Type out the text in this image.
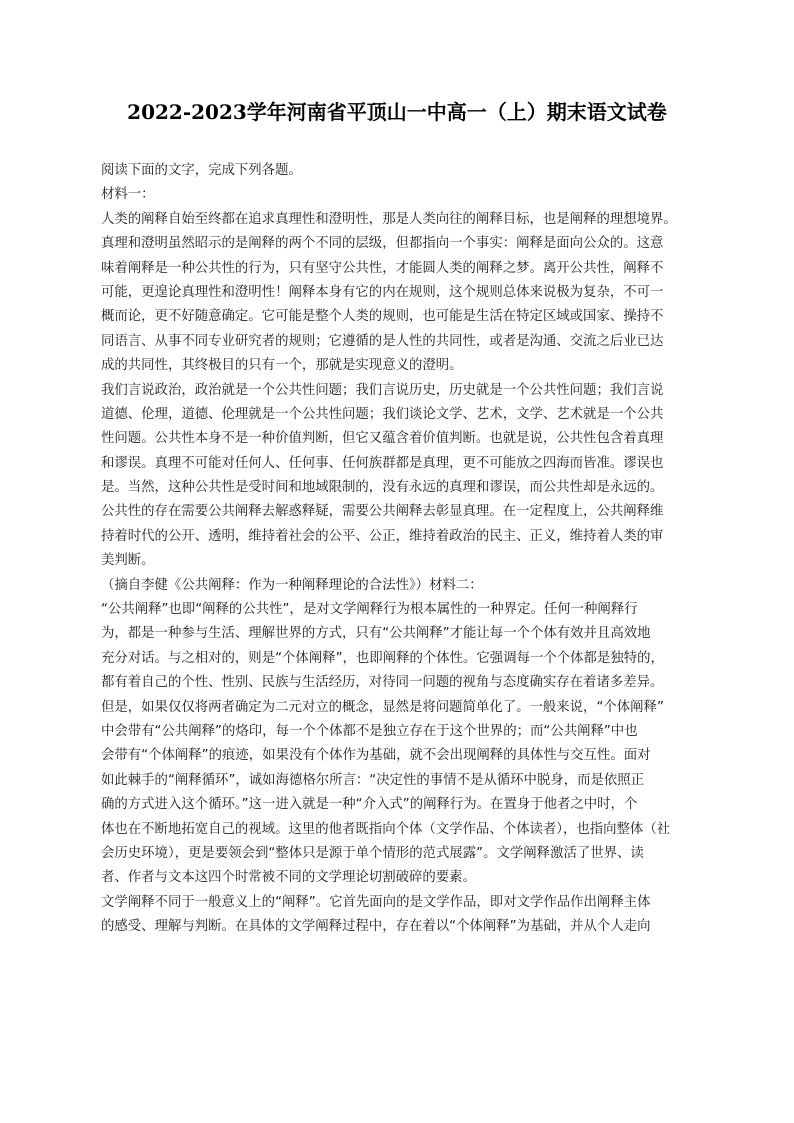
2022-2023学年河南省平顶山一中高一（上）期末语文试卷
阅读下面的文字，完成下列各题。
材料一：
人类的阐释自始至终都在追求真理性和澄明性，那是人类向往的阐释目标，也是阐释的理想境界。
真理和澄明虽然昭示的是阐释的两个不同的层级，但都指向一个事实：阐释是面向公众的。这意
味着阐释是一种公共性的行为，只有坚守公共性，才能圆人类的阐释之梦。离开公共性，阐释不
可能，更遑论真理性和澄明性！阐释本身有它的内在规则，这个规则总体来说极为复杂，不可一
概而论，更不好随意确定。它可能是整个人类的规则，也可能是生活在特定区域或国家、操持不
同语言、从事不同专业研究者的规则；它遵循的是人性的共同性，或者是沟通、交流之后业已达
成的共同性，其终极目的只有一个，那就是实现意义的澄明。
我们言说政治，政治就是一个公共性问题；我们言说历史，历史就是一个公共性问题；我们言说
道德、伦理，道德、伦理就是一个公共性问题；我们谈论文学、艺术，文学、艺术就是一个公共
性问题。公共性本身不是一种价值判断，但它又蕴含着价值判断。也就是说，公共性包含着真理
和谬误。真理不可能对任何人、任何事、任何族群都是真理，更不可能放之四海而皆准。谬误也
是。当然，这种公共性是受时间和地域限制的，没有永远的真理和谬误，而公共性却是永远的。
公共性的存在需要公共阐释去解惑释疑，需要公共阐释去彰显真理。在一定程度上，公共阐释维
持着时代的公开、透明，维持着社会的公平、公正，维持着政治的民主、正义，维持着人类的审
美判断。
（摘自李健《公共阐释：作为一种阐释理论的合法性》）材料二：
“公共阐释”也即“阐释的公共性”，是对文学阐释行为根本属性的一种界定。任何一种阐释行
为，都是一种参与生活、理解世界的方式，只有“公共阐释”才能让每一个个体有效并且高效地
充分对话。与之相对的，则是“个体阐释”，也即阐释的个体性。它强调每一个个体都是独特的，
都有着自己的个性、性别、民族与生活经历，对待同一问题的视角与态度确实存在着诸多差异。
但是，如果仅仅将两者确定为二元对立的概念，显然是将问题简单化了。一般来说，“个体阐释”
中会带有“公共阐释”的烙印，每一个个体都不是独立存在于这个世界的；而“公共阐释”中也
会带有“个体阐释”的痕迹，如果没有个体作为基础，就不会出现阐释的具体性与交互性。面对
如此棘手的“阐释循环”，诚如海德格尔所言：“决定性的事情不是从循环中脱身，而是依照正
确的方式进入这个循环。”这一进入就是一种“介入式”的阐释行为。在置身于他者之中时，个
体也在不断地拓宽自己的视域。这里的他者既指向个体（文学作品、个体读者），也指向整体（社
会历史环境），更是要领会到“整体只是源于单个情形的范式展露”。文学阐释激活了世界、读
者、作者与文本这四个时常被不同的文学理论切割破碎的要素。
文学阐释不同于一般意义上的“阐释”。它首先面向的是文学作品，即对文学作品作出阐释主体
的感受、理解与判断。在具体的文学阐释过程中，存在着以“个体阐释”为基础，并从个人走向
